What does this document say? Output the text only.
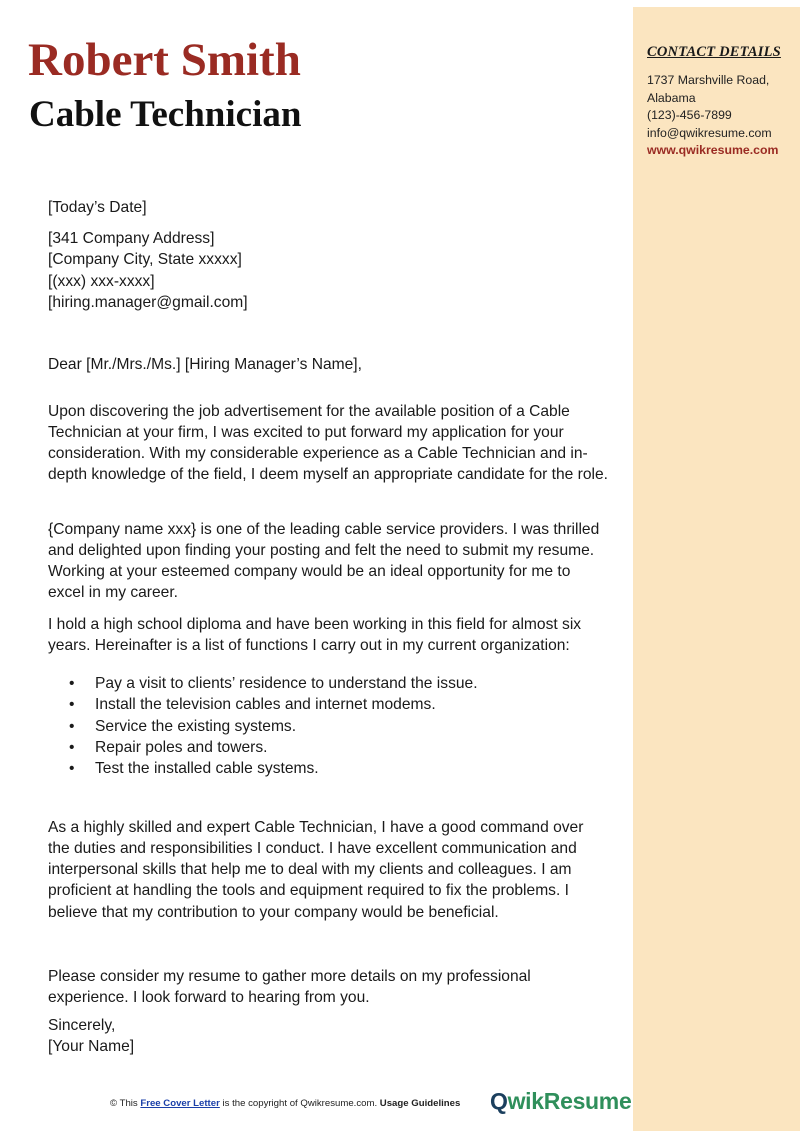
Robert Smith
Cable Technician
CONTACT DETAILS
1737 Marshville Road,
Alabama
(123)-456-7899
info@qwikresume.com
www.qwikresume.com
[Today’s Date]
[341 Company Address]
[Company City, State xxxxx]
[(xxx) xxx-xxxx]
[hiring.manager@gmail.com]
Dear [Mr./Mrs./Ms.] [Hiring Manager’s Name],

Upon discovering the job advertisement for the available position of a Cable Technician at your firm, I was excited to put forward my application for your consideration. With my considerable experience as a Cable Technician and in-depth knowledge of the field, I deem myself an appropriate candidate for the role.

{Company name xxx} is one of the leading cable service providers. I was thrilled and delighted upon finding your posting and felt the need to submit my resume. Working at your esteemed company would be an ideal opportunity for me to excel in my career.

I hold a high school diploma and have been working in this field for almost six years. Hereinafter is a list of functions I carry out in my current organization:

• Pay a visit to clients’ residence to understand the issue.
• Install the television cables and internet modems.
• Service the existing systems.
• Repair poles and towers.
• Test the installed cable systems.

As a highly skilled and expert Cable Technician, I have a good command over the duties and responsibilities I conduct. I have excellent communication and interpersonal skills that help me to deal with my clients and colleagues. I am proficient at handling the tools and equipment required to fix the problems. I believe that my contribution to your company would be beneficial.

Please consider my resume to gather more details on my professional experience. I look forward to hearing from you.

Sincerely,
[Your Name]
© This Free Cover Letter is the copyright of Qwikresume.com. Usage Guidelines QwikResume
